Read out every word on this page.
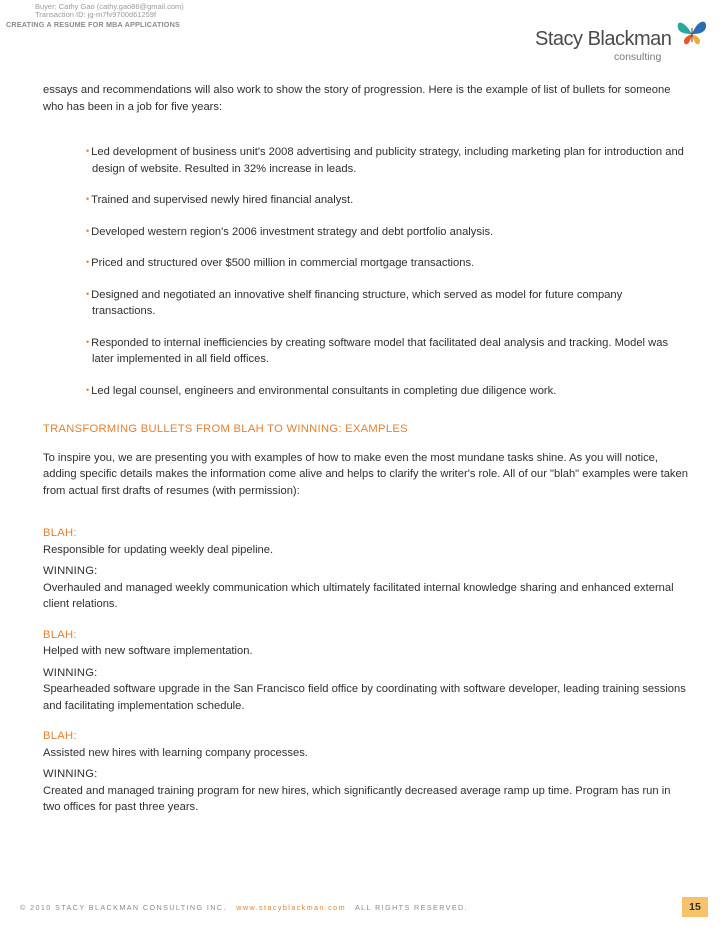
Buyer: Cathy Gao (cathy.gao86@gmail.com)
Transaction ID: jg-m7fv9700d61259f
CREATING A RESUME FOR MBA APPLICATIONS
Stacy Blackman
consulting

essays and recommendations will also work to show the story of progression. Here is the example of list of bullets for someone who has been in a job for five years:

• Led development of business unit's 2008 advertising and publicity strategy, including marketing plan for introduction and design of website. Resulted in 32% increase in leads.
• Trained and supervised newly hired financial analyst.
• Developed western region's 2006 investment strategy and debt portfolio analysis.
• Priced and structured over $500 million in commercial mortgage transactions.
• Designed and negotiated an innovative shelf financing structure, which served as model for future company transactions.
• Responded to internal inefficiencies by creating software model that facilitated deal analysis and tracking. Model was later implemented in all field offices.
• Led legal counsel, engineers and environmental consultants in completing due diligence work.
TRANSFORMING BULLETS FROM BLAH TO WINNING: EXAMPLES

To inspire you, we are presenting you with examples of how to make even the most mundane tasks shine. As you will notice, adding specific details makes the information come alive and helps to clarify the writer's role. All of our "blah" examples were taken from actual first drafts of resumes (with permission):

BLAH:
Responsible for updating weekly deal pipeline.
WINNING:
Overhauled and managed weekly communication which ultimately facilitated internal knowledge sharing and enhanced external client relations.
BLAH:
Helped with new software implementation.
WINNING:
Spearheaded software upgrade in the San Francisco field office by coordinating with software developer, leading training sessions and facilitating implementation schedule.
BLAH:
Assisted new hires with learning company processes.
WINNING:
Created and managed training program for new hires, which significantly decreased average ramp up time. Program has run in two offices for past three years.
© 2010 STACY BLACKMAN CONSULTING INC. www.stacyblackman.com ALL RIGHTS RESERVED.	15
